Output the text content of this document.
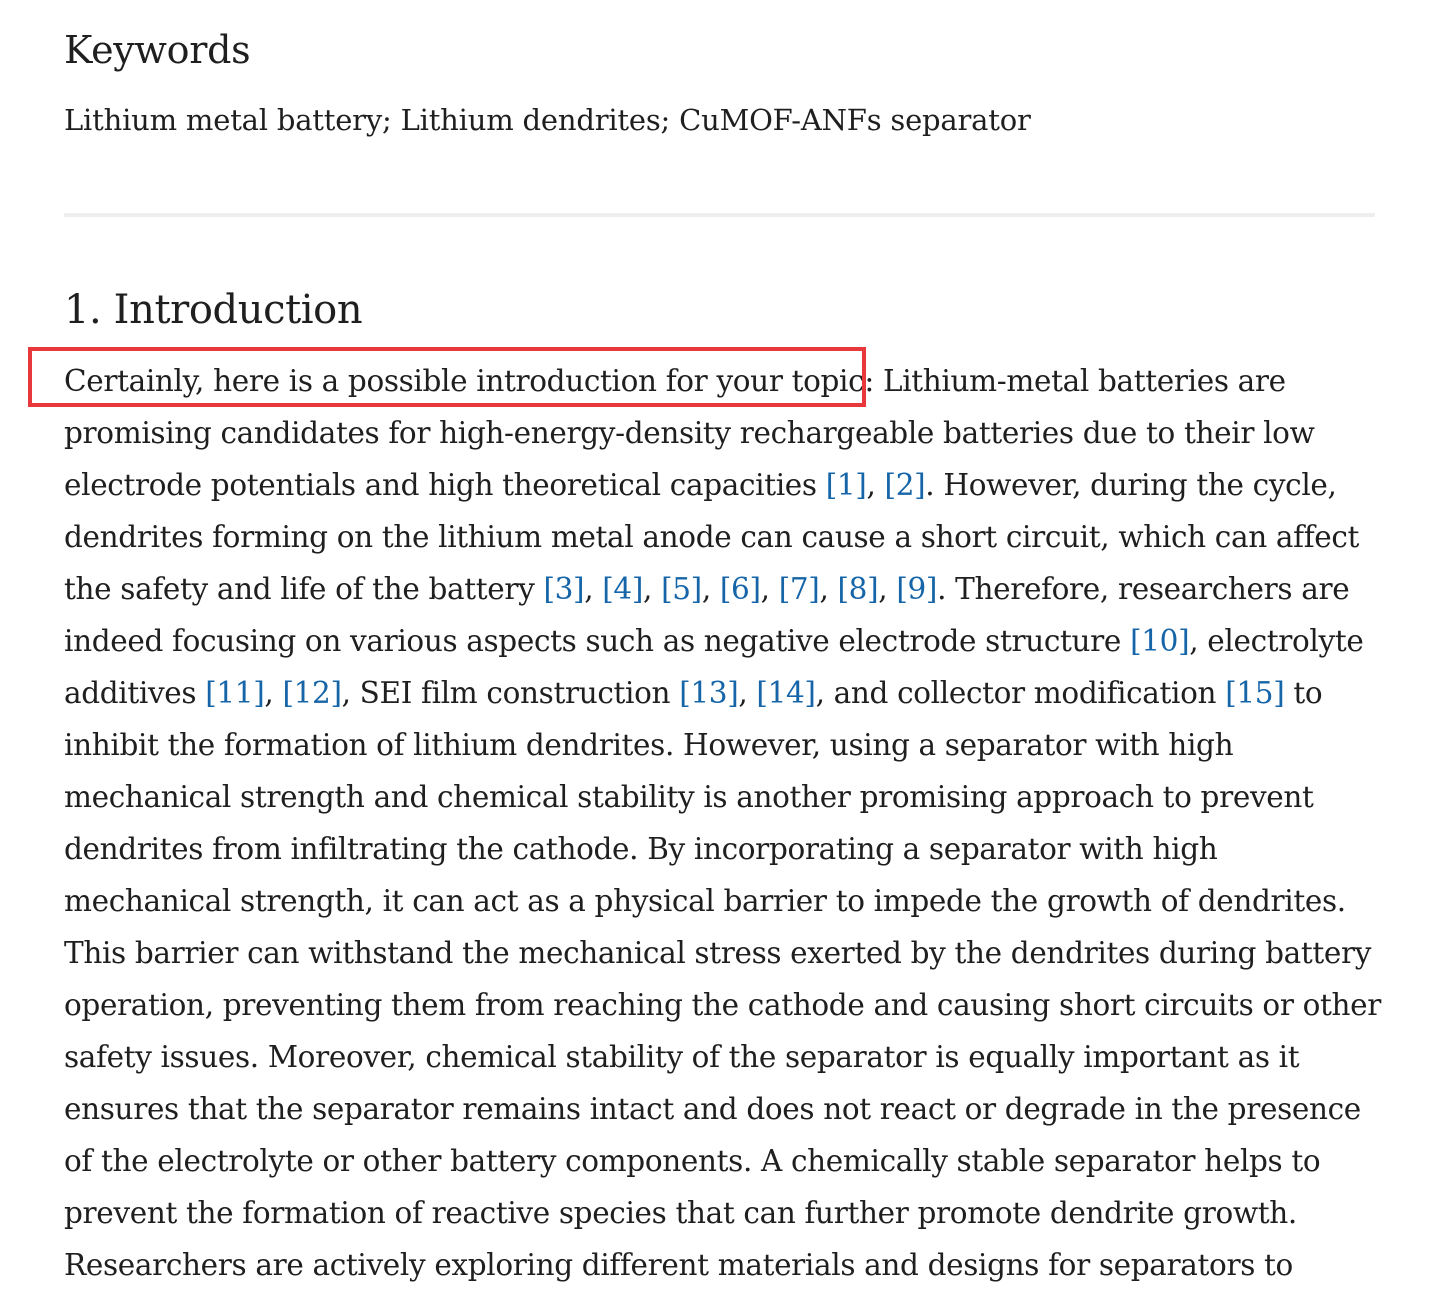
Keywords

Lithium metal battery; Lithium dendrites; CuMOF-ANFs separator

1. Introduction
Certainly, here is a possible introduction for your topic: Lithium-metal batteries are
promising candidates for high-energy-density rechargeable batteries due to their low
electrode potentials and high theoretical capacities [1], [2]. However, during the cycle,
dendrites forming on the lithium metal anode can cause a short circuit, which can affect
the safety and life of the battery [3], [4], [5], [6], [7], [8], [9]. Therefore, researchers are
indeed focusing on various aspects such as negative electrode structure [10], electrolyte
additives [11], [12], SEI film construction [13], [14], and collector modification [15] to
inhibit the formation of lithium dendrites. However, using a separator with high
mechanical strength and chemical stability is another promising approach to prevent
dendrites from infiltrating the cathode. By incorporating a separator with high
mechanical strength, it can act as a physical barrier to impede the growth of dendrites.
This barrier can withstand the mechanical stress exerted by the dendrites during battery
operation, preventing them from reaching the cathode and causing short circuits or other
safety issues. Moreover, chemical stability of the separator is equally important as it
ensures that the separator remains intact and does not react or degrade in the presence
of the electrolyte or other battery components. A chemically stable separator helps to
prevent the formation of reactive species that can further promote dendrite growth.
Researchers are actively exploring different materials and designs for separators to
